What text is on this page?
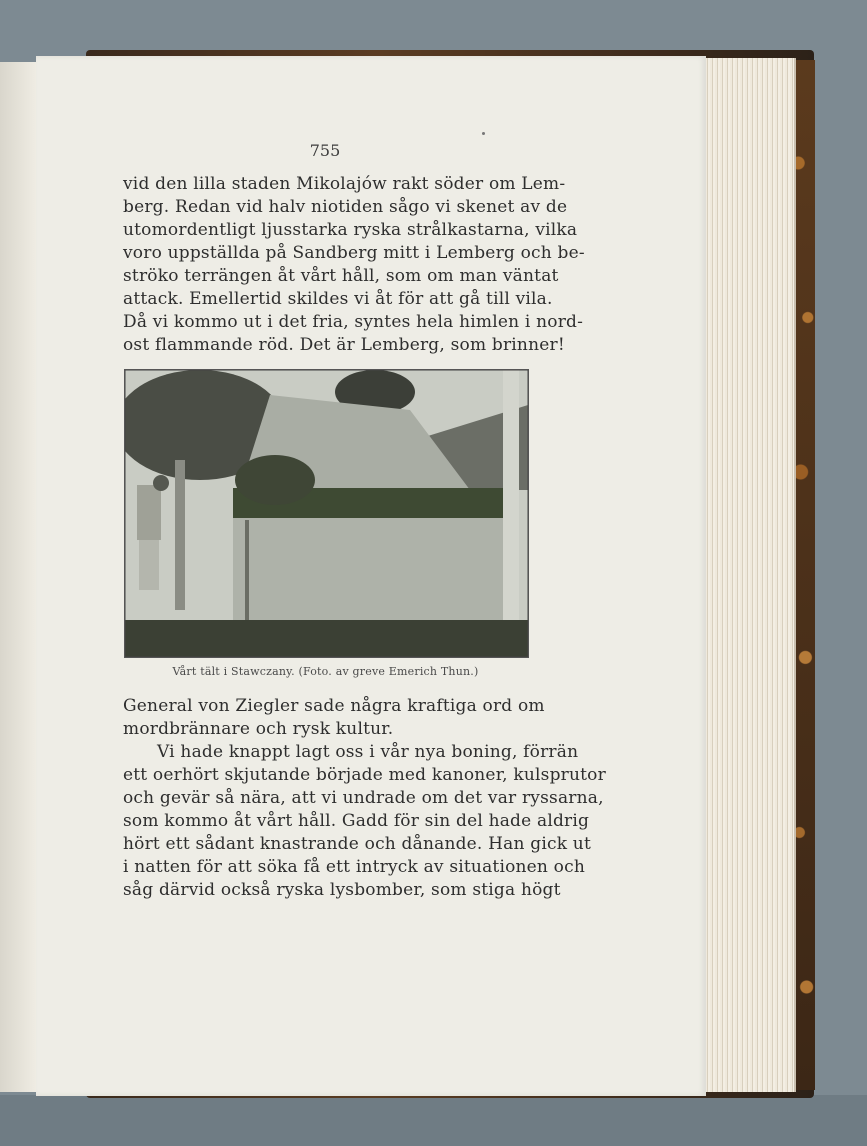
755
vid den lilla staden Mikolajów rakt söder om Lem-
berg. Redan vid halv niotiden sågo vi skenet av de
utomordentligt ljusstarka ryska strålkastarna, vilka
voro uppställda på Sandberg mitt i Lemberg och be-
ströko terrängen åt vårt håll, som om man väntat
attack. Emellertid skildes vi åt för att gå till vila.
Då vi kommo ut i det fria, syntes hela himlen i nord-
ost flammande röd. Det är Lemberg, som brinner!
Vårt tält i Stawczany. (Foto. av greve Emerich Thun.)
General von Ziegler sade några kraftiga ord om
mordbrännare och rysk kultur.
Vi hade knappt lagt oss i vår nya boning, förrän
ett oerhört skjutande började med kanoner, kulsprutor
och gevär så nära, att vi undrade om det var ryssarna,
som kommo åt vårt håll. Gadd för sin del hade aldrig
hört ett sådant knastrande och dånande. Han gick ut
i natten för att söka få ett intryck av situationen och
såg därvid också ryska lysbomber, som stiga högt
